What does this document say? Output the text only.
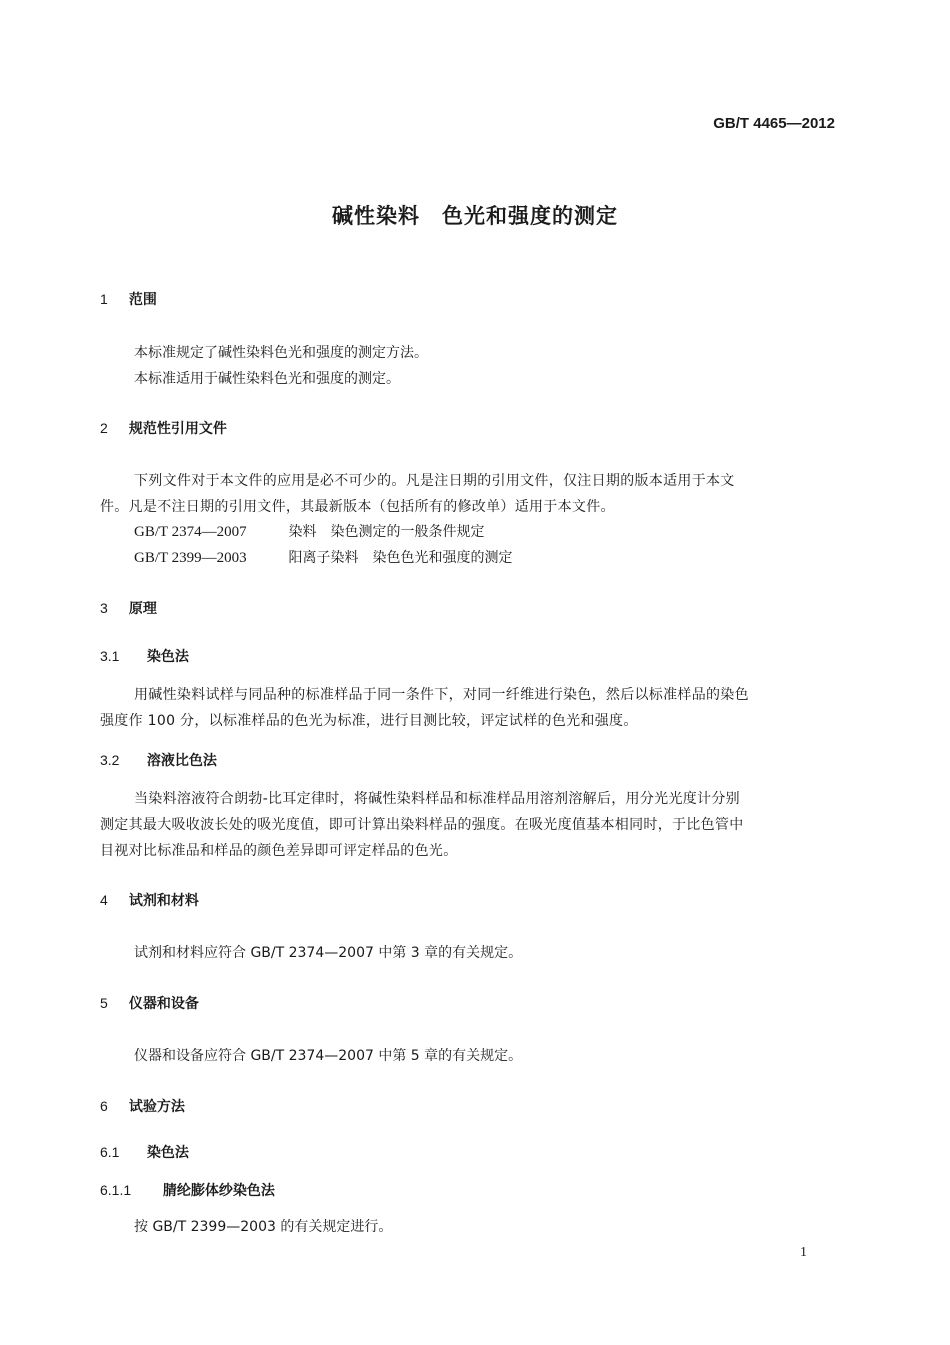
GB/T 4465—2012
碱性染料　色光和强度的测定
1 范围
本标准规定了碱性染料色光和强度的测定方法。
本标准适用于碱性染料色光和强度的测定。
2 规范性引用文件
下列文件对于本文件的应用是必不可少的。凡是注日期的引用文件，仅注日期的版本适用于本文
件。凡是不注日期的引用文件，其最新版本（包括所有的修改单）适用于本文件。
GB/T 2374—2007	染料　染色测定的一般条件规定
GB/T 2399—2003	阳离子染料　染色色光和强度的测定
3 原理
3.1 染色法
用碱性染料试样与同品种的标准样品于同一条件下，对同一纤维进行染色，然后以标准样品的染色
强度作 100 分，以标准样品的色光为标准，进行目测比较，评定试样的色光和强度。
3.2 溶液比色法
当染料溶液符合朗勃-比耳定律时，将碱性染料样品和标准样品用溶剂溶解后，用分光光度计分别
测定其最大吸收波长处的吸光度值，即可计算出染料样品的强度。在吸光度值基本相同时，于比色管中
目视对比标准品和样品的颜色差异即可评定样品的色光。
4 试剂和材料
试剂和材料应符合 GB/T 2374—2007 中第 3 章的有关规定。
5 仪器和设备
仪器和设备应符合 GB/T 2374—2007 中第 5 章的有关规定。
6 试验方法
6.1 染色法
6.1.1 腈纶膨体纱染色法
按 GB/T 2399—2003 的有关规定进行。
1
